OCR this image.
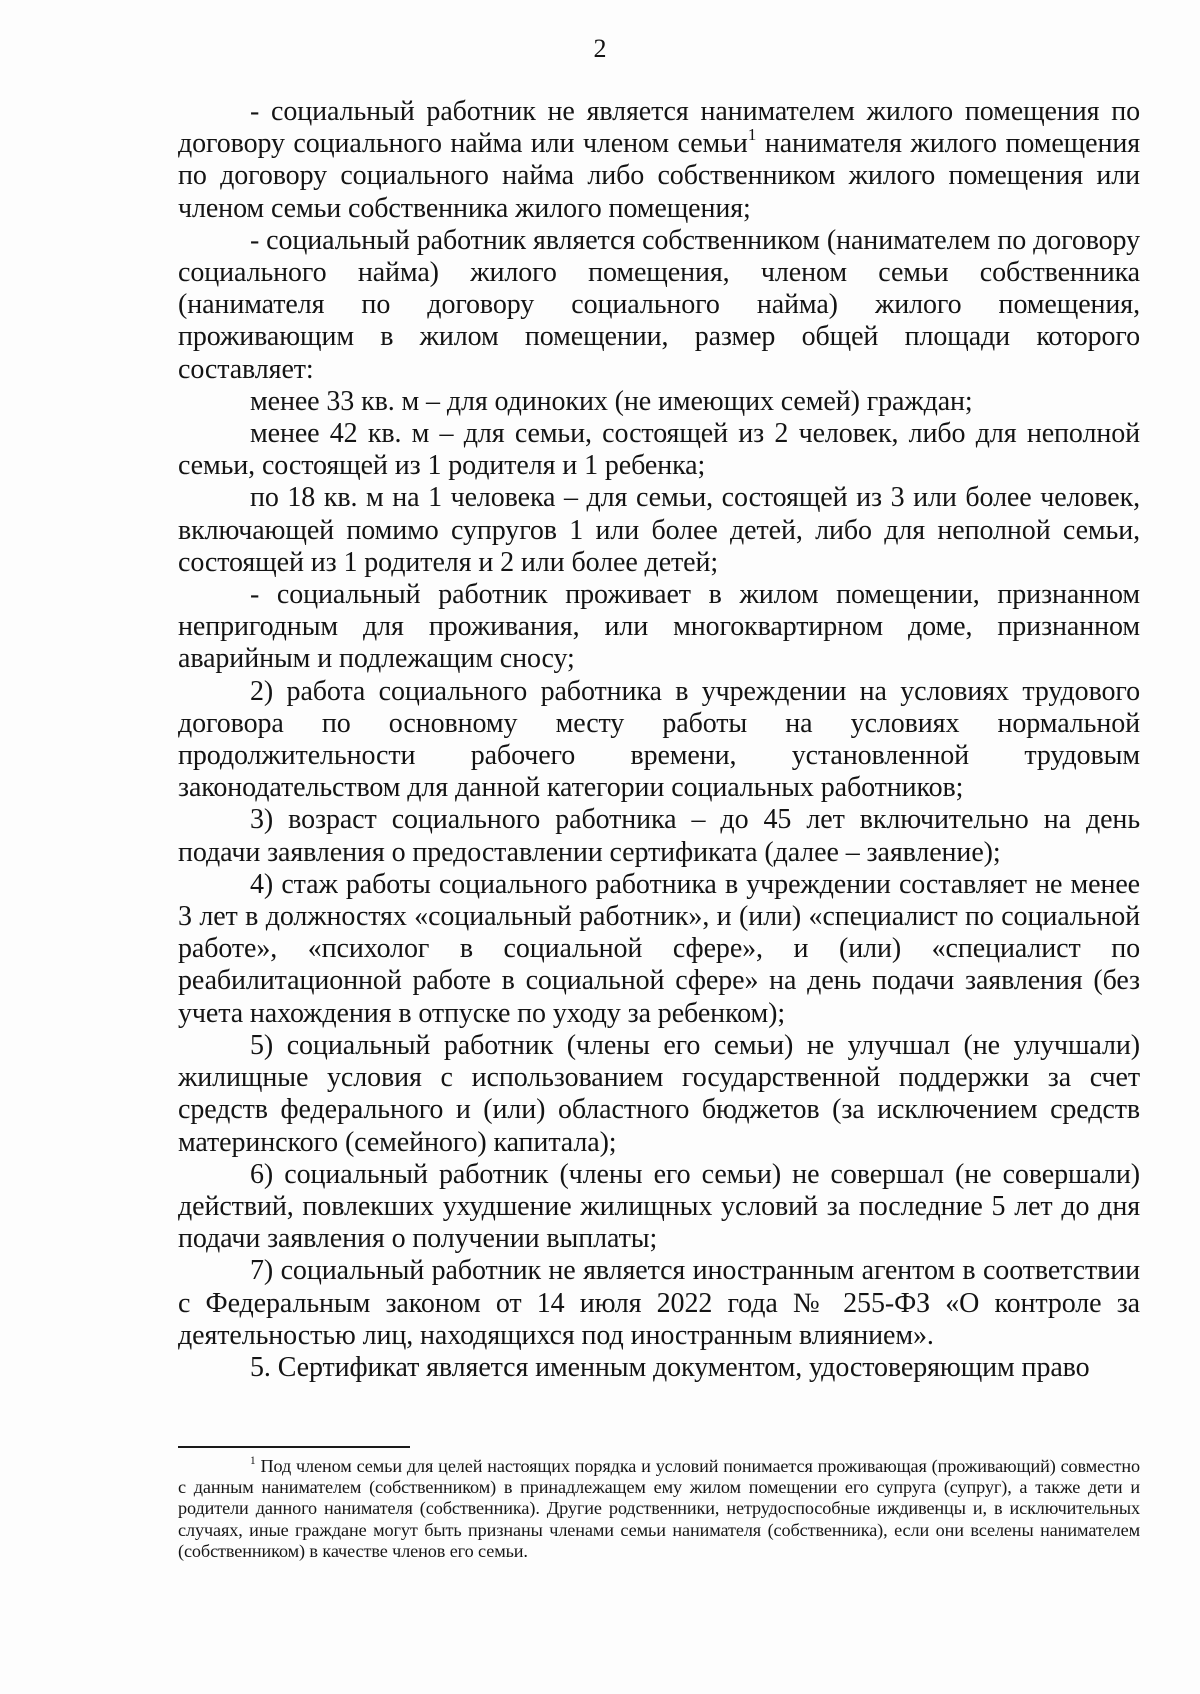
2

- социальный работник не является нанимателем жилого помещения по договору социального найма или членом семьи$^1$ нанимателя жилого помещения по договору социального найма либо собственником жилого помещения или членом семьи собственника жилого помещения;

- социальный работник является собственником (нанимателем по договору социального найма) жилого помещения, членом семьи собственника (нанимателя по договору социального найма) жилого помещения, проживающим в жилом помещении, размер общей площади которого составляет:

менее 33 кв. м – для одиноких (не имеющих семей) граждан;

менее 42 кв. м – для семьи, состоящей из 2 человек, либо для неполной семьи, состоящей из 1 родителя и 1 ребенка;

по 18 кв. м на 1 человека – для семьи, состоящей из 3 или более человек, включающей помимо супругов 1 или более детей, либо для неполной семьи, состоящей из 1 родителя и 2 или более детей;

- социальный работник проживает в жилом помещении, признанном непригодным для проживания, или многоквартирном доме, признанном аварийным и подлежащим сносу;

2) работа социального работника в учреждении на условиях трудового договора по основному месту работы на условиях нормальной продолжительности рабочего времени, установленной трудовым законодательством для данной категории социальных работников;

3) возраст социального работника – до 45 лет включительно на день подачи заявления о предоставлении сертификата (далее – заявление);

4) стаж работы социального работника в учреждении составляет не менее 3 лет в должностях «социальный работник», и (или) «специалист по социальной работе», «психолог в социальной сфере», и (или) «специалист по реабилитационной работе в социальной сфере» на день подачи заявления (без учета нахождения в отпуске по уходу за ребенком);

5) социальный работник (члены его семьи) не улучшал (не улучшали) жилищные условия с использованием государственной поддержки за счет средств федерального и (или) областного бюджетов (за исключением средств материнского (семейного) капитала);

6) социальный работник (члены его семьи) не совершал (не совершали) действий, повлекших ухудшение жилищных условий за последние 5 лет до дня подачи заявления о получении выплаты;

7) социальный работник не является иностранным агентом в соответствии с Федеральным законом от 14 июля 2022 года № 255-ФЗ «О контроле за деятельностью лиц, находящихся под иностранным влиянием».

5. Сертификат является именным документом, удостоверяющим право

$^1$ Под членом семьи для целей настоящих порядка и условий понимается проживающая (проживающий) совместно с данным нанимателем (собственником) в принадлежащем ему жилом помещении его супруга (супруг), а также дети и родители данного нанимателя (собственника). Другие родственники, нетрудоспособные иждивенцы и, в исключительных случаях, иные граждане могут быть признаны членами семьи нанимателя (собственника), если они вселены нанимателем (собственником) в качестве членов его семьи.
